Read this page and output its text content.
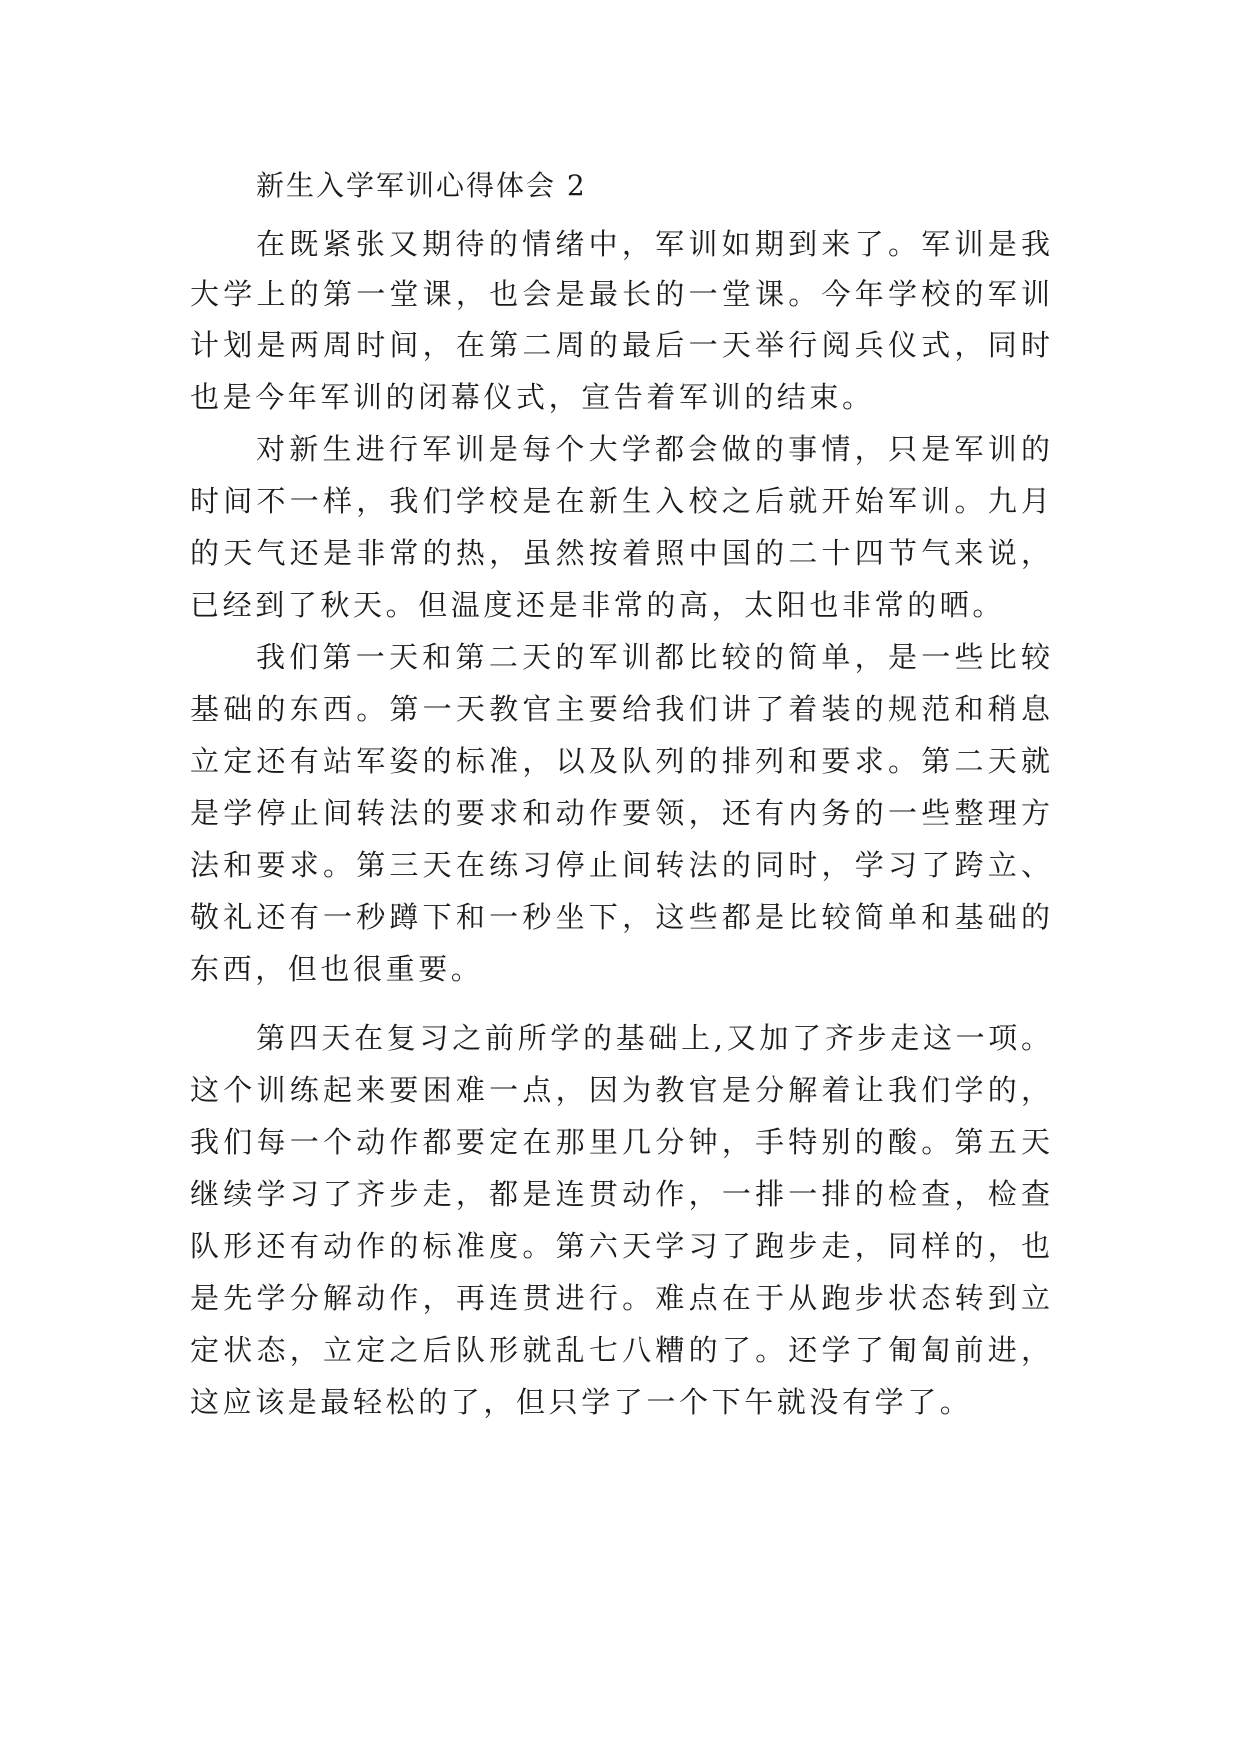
新生入学军训心得体会 2
在既紧张又期待的情绪中，军训如期到来了。军训是我
大学上的第一堂课，也会是最长的一堂课。今年学校的军训
计划是两周时间，在第二周的最后一天举行阅兵仪式，同时
也是今年军训的闭幕仪式，宣告着军训的结束。
对新生进行军训是每个大学都会做的事情，只是军训的
时间不一样，我们学校是在新生入校之后就开始军训。九月
的天气还是非常的热，虽然按着照中国的二十四节气来说，
已经到了秋天。但温度还是非常的高，太阳也非常的晒。
我们第一天和第二天的军训都比较的简单，是一些比较
基础的东西。第一天教官主要给我们讲了着装的规范和稍息
立定还有站军姿的标准，以及队列的排列和要求。第二天就
是学停止间转法的要求和动作要领，还有内务的一些整理方
法和要求。第三天在练习停止间转法的同时，学习了跨立、
敬礼还有一秒蹲下和一秒坐下，这些都是比较简单和基础的
东西，但也很重要。
第四天在复习之前所学的基础上,又加了齐步走这一项。
这个训练起来要困难一点，因为教官是分解着让我们学的，
我们每一个动作都要定在那里几分钟，手特别的酸。第五天
继续学习了齐步走，都是连贯动作，一排一排的检查，检查
队形还有动作的标准度。第六天学习了跑步走，同样的，也
是先学分解动作，再连贯进行。难点在于从跑步状态转到立
定状态，立定之后队形就乱七八糟的了。还学了匍匐前进，
这应该是最轻松的了，但只学了一个下午就没有学了。
